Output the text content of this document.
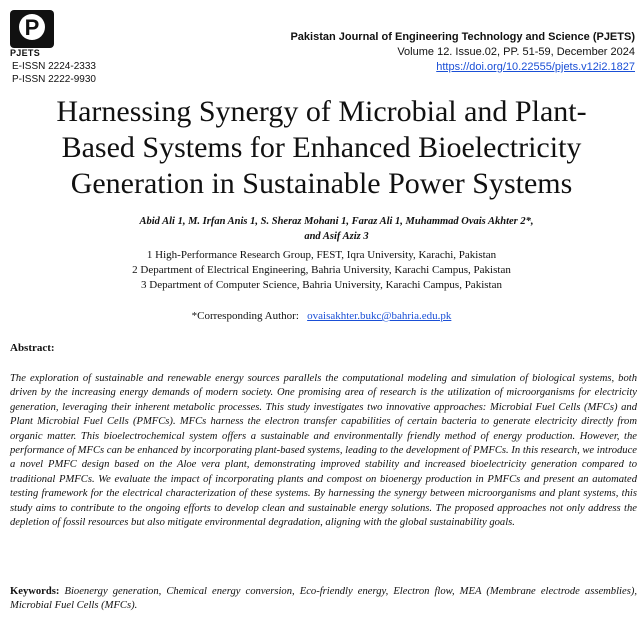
P
PJETS
E-ISSN 2224-2333
P-ISSN 2222-9930
Pakistan Journal of Engineering Technology and Science (PJETS)
Volume 12. Issue.02, PP. 51-59, December 2024
https://doi.org/10.22555/pjets.v12i2.1827
Harnessing Synergy of Microbial and Plant-
Based Systems for Enhanced Bioelectricity
Generation in Sustainable Power Systems
Abid Ali 1, M. Irfan Anis 1, S. Sheraz Mohani 1, Faraz Ali 1, Muhammad Ovais Akhter 2*,
and Asif Aziz 3
1 High-Performance Research Group, FEST, Iqra University, Karachi, Pakistan
2 Department of Electrical Engineering, Bahria University, Karachi Campus, Pakistan
3 Department of Computer Science, Bahria University, Karachi Campus, Pakistan
*Corresponding Author: ovaisakhter.bukc@bahria.edu.pk
Abstract:
The exploration of sustainable and renewable energy sources parallels the computational modeling and simulation of biological systems, both driven by the increasing energy demands of modern society. One promising area of research is the utilization of microorganisms for electricity generation, leveraging their inherent metabolic processes. This study investigates two innovative approaches: Microbial Fuel Cells (MFCs) and Plant Microbial Fuel Cells (PMFCs). MFCs harness the electron transfer capabilities of certain bacteria to generate electricity directly from organic matter. This bioelectrochemical system offers a sustainable and environmentally friendly method of energy production. However, the performance of MFCs can be enhanced by incorporating plant-based systems, leading to the development of PMFCs. In this research, we introduce a novel PMFC design based on the Aloe vera plant, demonstrating improved stability and increased bioelectricity generation compared to traditional PMFCs. We evaluate the impact of incorporating plants and compost on bioenergy production in PMFCs and present an automated testing framework for the electrical characterization of these systems. By harnessing the synergy between microorganisms and plant systems, this study aims to contribute to the ongoing efforts to develop clean and sustainable energy solutions. The proposed approaches not only address the depletion of fossil resources but also mitigate environmental degradation, aligning with the global sustainability goals.
Keywords: Bioenergy generation, Chemical energy conversion, Eco-friendly energy, Electron flow, MEA (Membrane electrode assemblies), Microbial Fuel Cells (MFCs).
